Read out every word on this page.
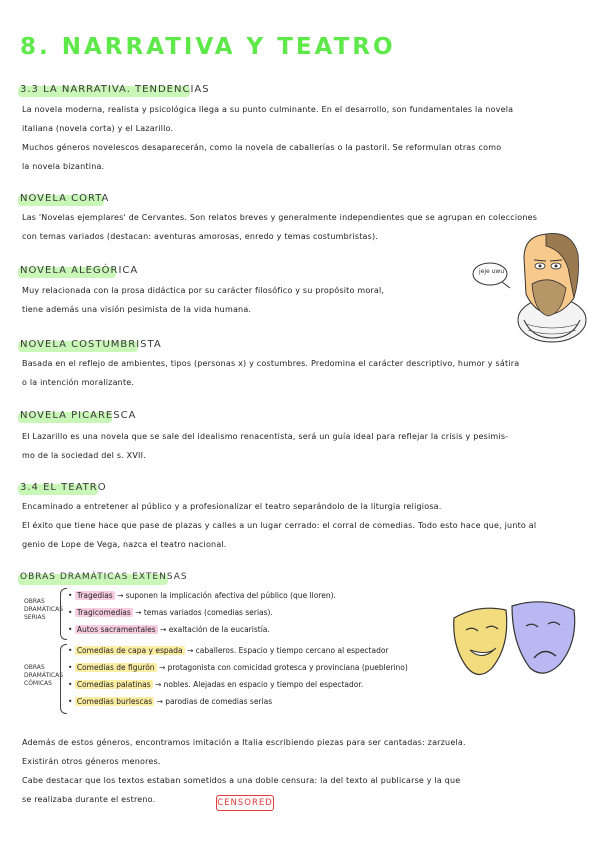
8. NARRATIVA Y TEATRO
3.3 LA NARRATIVA. TENDENCIAS
La novela moderna, realista y psicológica llega a su punto culminante. En el desarrollo, son fundamentales la novela
italiana (novela corta) y el Lazarillo.
Muchos géneros novelescos desaparecerán, como la novela de caballerías o la pastoril. Se reformulan otras como
la novela bizantina.
NOVELA CORTA
Las 'Novelas ejemplares' de Cervantes. Son relatos breves y generalmente independientes que se agrupan en colecciones
con temas variados (destacan: aventuras amorosas, enredo y temas costumbristas).
NOVELA ALEGÓRICA
Muy relacionada con la prosa didáctica por su carácter filosófico y su propósito moral,
tiene además una visión pesimista de la vida humana.
jeje uwu
NOVELA COSTUMBRISTA
Basada en el reflejo de ambientes, tipos (personas x) y costumbres. Predomina el carácter descriptivo, humor y sátira
o la intención moralizante.
NOVELA PICARESCA
El Lazarillo es una novela que se sale del idealismo renacentista, será un guía ideal para reflejar la crisis y pesimis-
mo de la sociedad del s. XVII.
3.4 EL TEATRO
Encaminado a entretener al público y a profesionalizar el teatro separándolo de la liturgia religiosa.
El éxito que tiene hace que pase de plazas y calles a un lugar cerrado: el corral de comedias. Todo esto hace que, junto al
genio de Lope de Vega, nazca el teatro nacional.
OBRAS DRAMÁTICAS EXTENSAS
OBRAS DRAMÁTICAS SERIAS
• Tragedias → suponen la implicación afectiva del público (que lloren).
• Tragicomedias → temas variados (comedias serias).
• Autos sacramentales → exaltación de la eucaristía.
OBRAS DRAMÁTICAS CÓMICAS
• Comedias de capa y espada → caballeros. Espacio y tiempo cercano al espectador
• Comedias de figurón → protagonista con comicidad grotesca y provinciana (pueblerino)
• Comedias palatinas → nobles. Alejadas en espacio y tiempo del espectador.
• Comedias burlescas → parodias de comedias serias
Además de estos géneros, encontramos imitación a Italia escribiendo piezas para ser cantadas: zarzuela.
Existirán otros géneros menores.
Cabe destacar que los textos estaban sometidos a una doble censura: la del texto al publicarse y la que
se realizaba durante el estreno.	CENSORED
